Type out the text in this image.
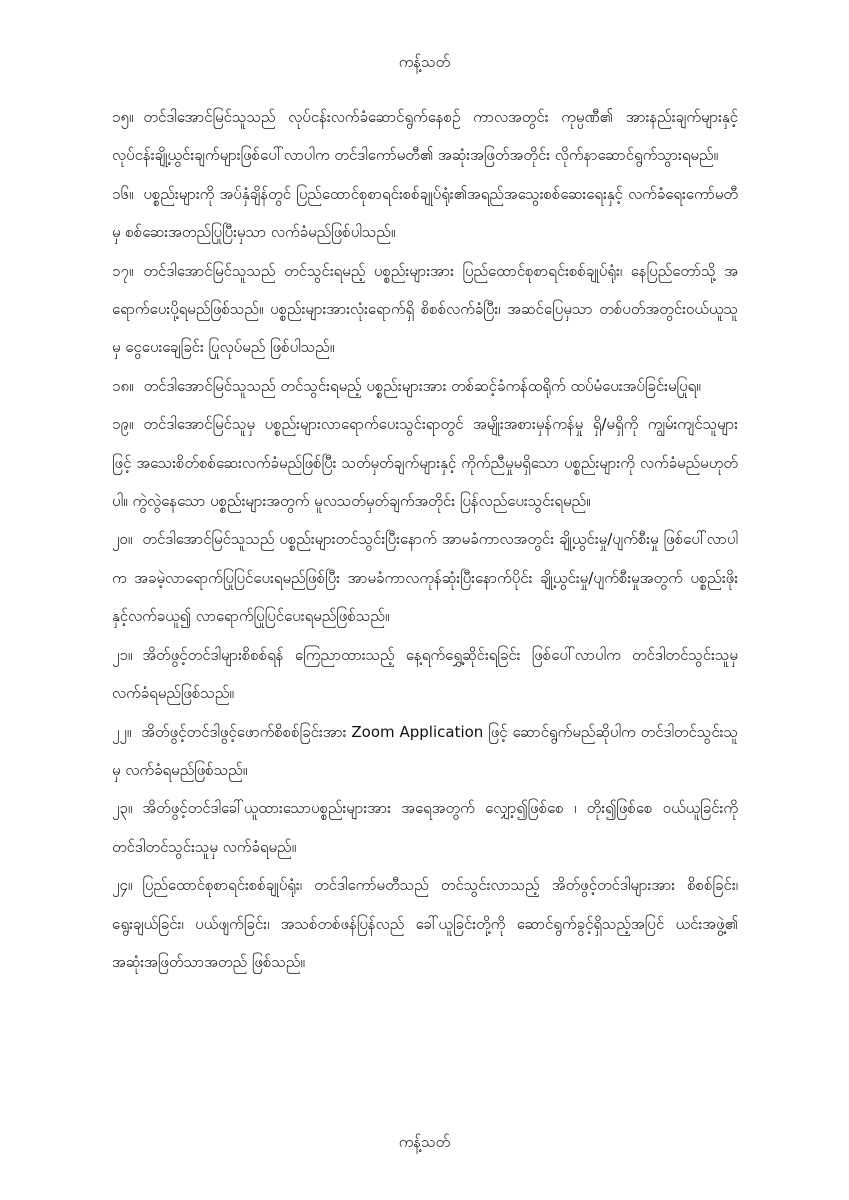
ကန့်သတ်

၁၅။ တင်ဒါအောင်မြင်သူသည် လုပ်ငန်းလက်ခံဆောင်ရွက်နေစဉ် ကာလအတွင်း ကုမ္ပဏီ၏ အားနည်းချက်များနှင့် လုပ်ငန်းချို့ယွင်းချက်များဖြစ်ပေါ်လာပါက တင်ဒါကော်မတီ၏ အဆုံးအဖြတ်အတိုင်း လိုက်နာဆောင်ရွက်သွားရမည်။

၁၆။ ပစ္စည်းများကို အပ်နှံချိန်တွင် ပြည်ထောင်စုစာရင်းစစ်ချုပ်ရုံး၏အရည်အသွေးစစ်ဆေးရေးနှင့် လက်ခံရေးကော်မတီမှ စစ်ဆေးအတည်ပြုပြီးမှသာ လက်ခံမည်ဖြစ်ပါသည်။

၁၇။ တင်ဒါအောင်မြင်သူသည် တင်သွင်းရမည့် ပစ္စည်းများအား ပြည်ထောင်စုစာရင်းစစ်ချုပ်ရုံး၊ နေပြည်တော်သို့ အရောက်ပေးပို့ရမည်ဖြစ်သည်။ ပစ္စည်းများအားလုံးရောက်ရှိ စိစစ်လက်ခံပြီး၊ အဆင်ပြေမှသာ တစ်ပတ်အတွင်းဝယ်ယူသူမှ ငွေပေးချေခြင်း ပြုလုပ်မည် ဖြစ်ပါသည်။

၁၈။ တင်ဒါအောင်မြင်သူသည် တင်သွင်းရမည့် ပစ္စည်းများအား တစ်ဆင့်ခံကန်ထရိုက် ထပ်မံပေးအပ်ခြင်းမပြုရ။

၁၉။ တင်ဒါအောင်မြင်သူမှ ပစ္စည်းများလာရောက်ပေးသွင်းရာတွင် အမျိုးအစားမှန်ကန်မှု ရှိ/မရှိကို ကျွမ်းကျင်သူများဖြင့် အသေးစိတ်စစ်ဆေးလက်ခံမည်ဖြစ်ပြီး သတ်မှတ်ချက်များနှင့် ကိုက်ညီမှုမရှိသော ပစ္စည်းများကို လက်ခံမည်မဟုတ်ပါ။ ကွဲလွဲနေသော ပစ္စည်းများအတွက် မူလသတ်မှတ်ချက်အတိုင်း ပြန်လည်ပေးသွင်းရမည်။

၂၀။ တင်ဒါအောင်မြင်သူသည် ပစ္စည်းများတင်သွင်းပြီးနောက် အာမခံကာလအတွင်း ချို့ယွင်းမှု/ပျက်စီးမှု ဖြစ်ပေါ်လာပါက အခမဲ့လာရောက်ပြုပြင်ပေးရမည်ဖြစ်ပြီး အာမခံကာလကုန်ဆုံးပြီးနောက်ပိုင်း ချို့ယွင်းမှု/ပျက်စီးမှုအတွက် ပစ္စည်းဖိုးနှင့်လက်ခယူ၍ လာရောက်ပြုပြင်ပေးရမည်ဖြစ်သည်။

၂၁။ အိတ်ဖွင့်တင်ဒါများစိစစ်ရန် ကြေညာထားသည့် နေ့ရက်ရွှေ့ဆိုင်းရခြင်း ဖြစ်ပေါ်လာပါက တင်ဒါတင်သွင်းသူမှ လက်ခံရမည်ဖြစ်သည်။

၂၂။ အိတ်ဖွင့်တင်ဒါဖွင့်ဖောက်စိစစ်ခြင်းအား Zoom Application ဖြင့် ဆောင်ရွက်မည်ဆိုပါက တင်ဒါတင်သွင်းသူမှ လက်ခံရမည်ဖြစ်သည်။

၂၃။ အိတ်ဖွင့်တင်ဒါခေါ်ယူထားသောပစ္စည်းများအား အရေအတွက် လျှော့၍ဖြစ်စေ ၊ တိုး၍ဖြစ်စေ ဝယ်ယူခြင်းကို တင်ဒါတင်သွင်းသူမှ လက်ခံရမည်။

၂၄။ ပြည်ထောင်စုစာရင်းစစ်ချုပ်ရုံး၊ တင်ဒါကော်မတီသည် တင်သွင်းလာသည့် အိတ်ဖွင့်တင်ဒါများအား စိစစ်ခြင်း၊ ရွေးချယ်ခြင်း၊ ပယ်ဖျက်ခြင်း၊ အသစ်တစ်ဖန်ပြန်လည် ခေါ်ယူခြင်းတို့ကို ဆောင်ရွက်ခွင့်ရှိသည့်အပြင် ယင်းအဖွဲ့၏ အဆုံးအဖြတ်သာအတည် ဖြစ်သည်။

ကန့်သတ်
